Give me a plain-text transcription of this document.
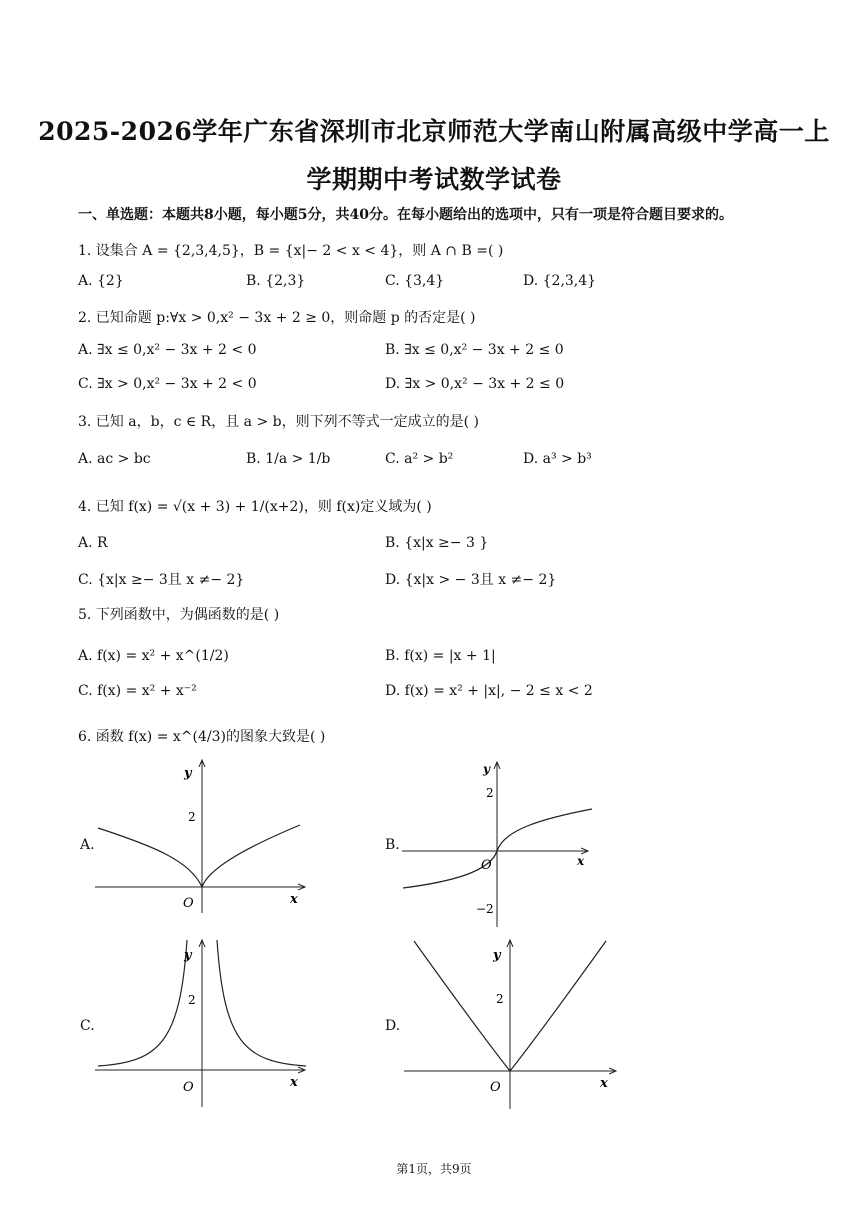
2025-2026学年广东省深圳市北京师范大学南山附属高级中学高一上
学期期中考试数学试卷
一、单选题：本题共8小题，每小题5分，共40分。在每小题给出的选项中，只有一项是符合题目要求的。
1. 设集合 A = {2,3,4,5}，B = {x|− 2 < x < 4}，则 A ∩ B =( )
A. {2}	B. {2,3}	C. {3,4}	D. {2,3,4}
2. 已知命题 p:∀x > 0,x² − 3x + 2 ≥ 0，则命题 p 的否定是( )
A. ∃x ≤ 0,x² − 3x + 2 < 0	B. ∃x ≤ 0,x² − 3x + 2 ≤ 0
C. ∃x > 0,x² − 3x + 2 < 0	D. ∃x > 0,x² − 3x + 2 ≤ 0
3. 已知 a，b，c ∈ R，且 a > b，则下列不等式一定成立的是( )
A. ac > bc	B. 1/a > 1/b	C. a² > b²	D. a³ > b³
4. 已知 f(x) = √(x + 3) + 1/(x+2)，则 f(x)定义域为( )
A. R	B. {x|x ≥− 3 }
C. {x|x ≥− 3且 x ≠− 2}	D. {x|x > − 3且 x ≠− 2}
5. 下列函数中，为偶函数的是( )
A. f(x) = x² + x^(1/2)	B. f(x) = |x + 1|
C. f(x) = x² + x⁻²	D. f(x) = x² + |x|, − 2 ≤ x < 2
6. 函数 f(x) = x^(4/3)的图象大致是( )
A.	B.
C.	D.
y
2
O	x
y
2
O
−2
x
y
2
O	x
y
2
O	x
第1页，共9页
